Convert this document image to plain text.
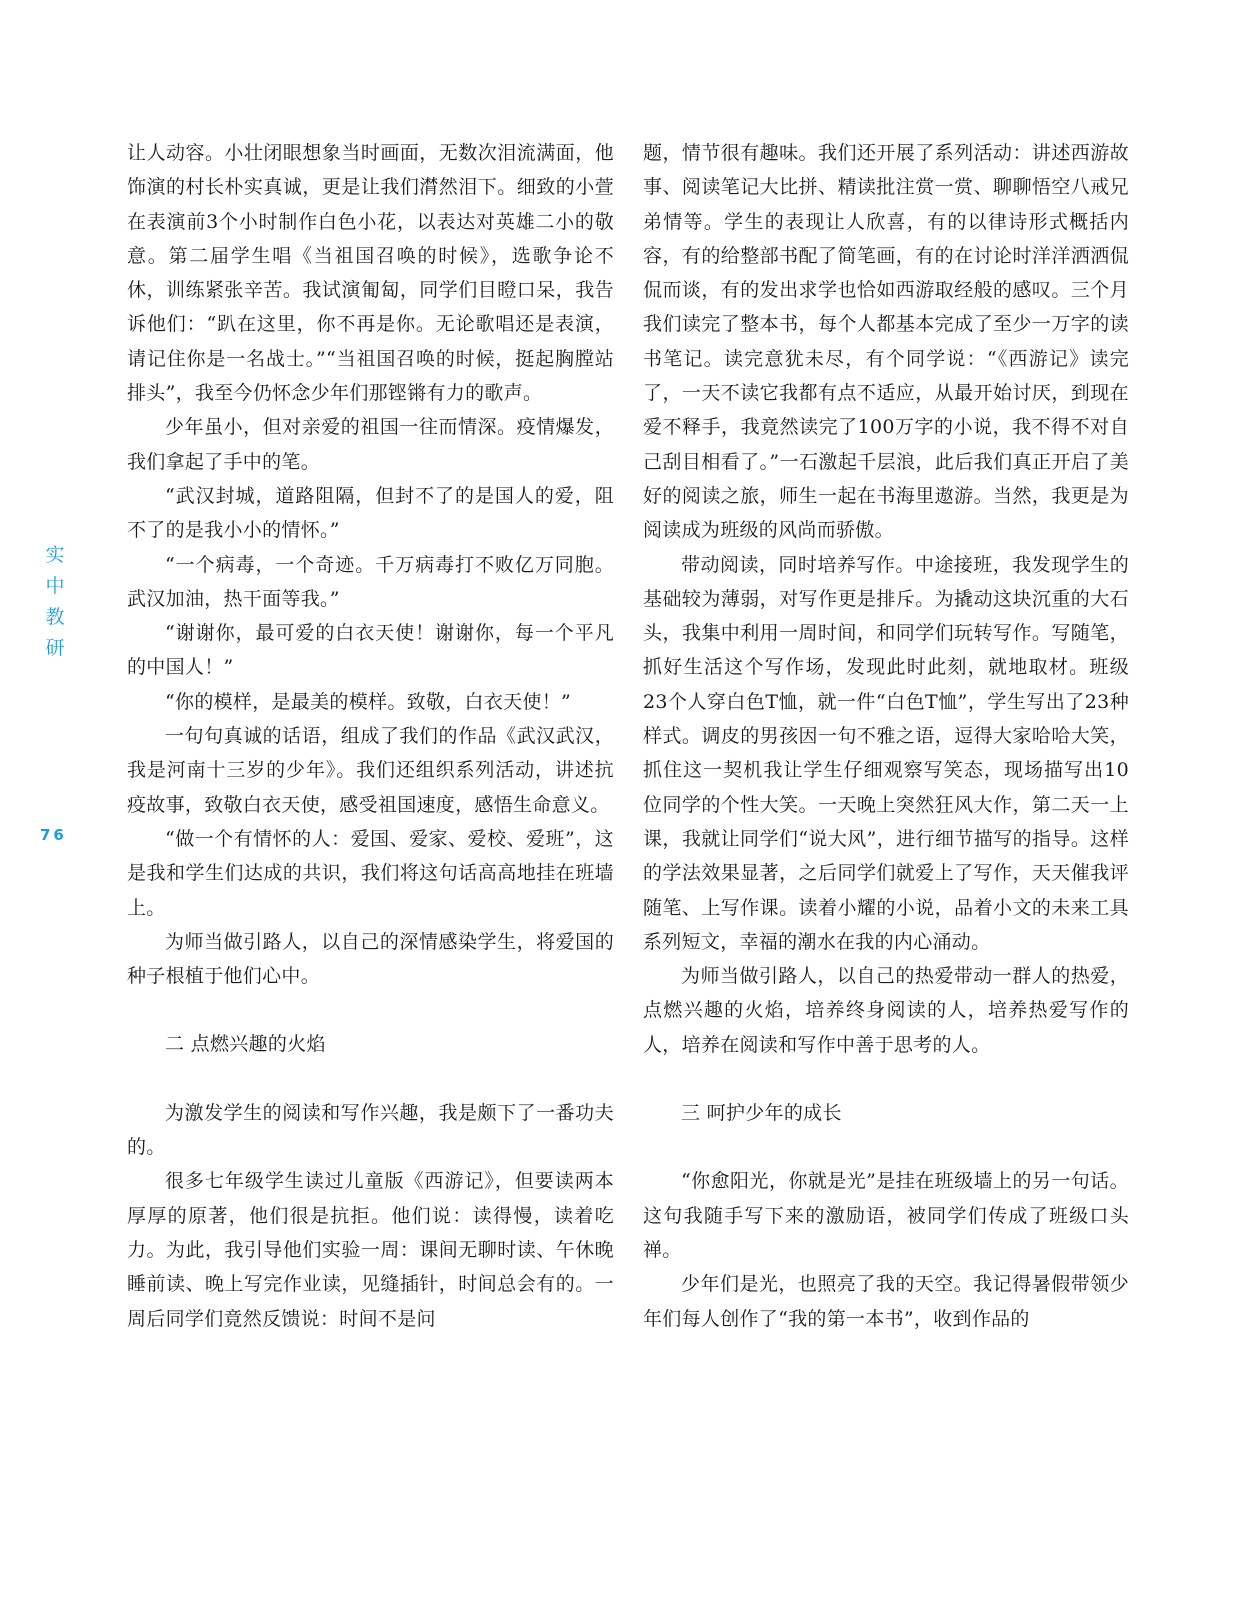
实
中
教
研
76

让人动容。小壮闭眼想象当时画面，无数次泪流满面，他饰演的村长朴实真诚，更是让我们潸然泪下。细致的小萱在表演前3个小时制作白色小花，以表达对英雄二小的敬意。第二届学生唱《当祖国召唤的时候》，选歌争论不休，训练紧张辛苦。我试演匍匐，同学们目瞪口呆，我告诉他们：“趴在这里，你不再是你。无论歌唱还是表演，请记住你是一名战士。”“当祖国召唤的时候，挺起胸膛站排头”，我至今仍怀念少年们那铿锵有力的歌声。

少年虽小，但对亲爱的祖国一往而情深。疫情爆发，我们拿起了手中的笔。

“武汉封城，道路阻隔，但封不了的是国人的爱，阻不了的是我小小的情怀。”

“一个病毒，一个奇迹。千万病毒打不败亿万同胞。武汉加油，热干面等我。”

“谢谢你，最可爱的白衣天使！谢谢你，每一个平凡的中国人！”

“你的模样，是最美的模样。致敬，白衣天使！”

一句句真诚的话语，组成了我们的作品《武汉武汉，我是河南十三岁的少年》。我们还组织系列活动，讲述抗疫故事，致敬白衣天使，感受祖国速度，感悟生命意义。

“做一个有情怀的人：爱国、爱家、爱校、爱班”，这是我和学生们达成的共识，我们将这句话高高地挂在班墙上。

为师当做引路人，以自己的深情感染学生，将爱国的种子根植于他们心中。

二 点燃兴趣的火焰

为激发学生的阅读和写作兴趣，我是颇下了一番功夫的。

很多七年级学生读过儿童版《西游记》，但要读两本厚厚的原著，他们很是抗拒。他们说：读得慢，读着吃力。为此，我引导他们实验一周：课间无聊时读、午休晚睡前读、晚上写完作业读，见缝插针，时间总会有的。一周后同学们竟然反馈说：时间不是问

题，情节很有趣味。我们还开展了系列活动：讲述西游故事、阅读笔记大比拼、精读批注赏一赏、聊聊悟空八戒兄弟情等。学生的表现让人欣喜，有的以律诗形式概括内容，有的给整部书配了简笔画，有的在讨论时洋洋洒洒侃侃而谈，有的发出求学也恰如西游取经般的感叹。三个月我们读完了整本书，每个人都基本完成了至少一万字的读书笔记。读完意犹未尽，有个同学说：“《西游记》读完了，一天不读它我都有点不适应，从最开始讨厌，到现在爱不释手，我竟然读完了100万字的小说，我不得不对自己刮目相看了。”一石激起千层浪，此后我们真正开启了美好的阅读之旅，师生一起在书海里遨游。当然，我更是为阅读成为班级的风尚而骄傲。

带动阅读，同时培养写作。中途接班，我发现学生的基础较为薄弱，对写作更是排斥。为撬动这块沉重的大石头，我集中利用一周时间，和同学们玩转写作。写随笔，抓好生活这个写作场，发现此时此刻，就地取材。班级23个人穿白色T恤，就一件“白色T恤”，学生写出了23种样式。调皮的男孩因一句不雅之语，逗得大家哈哈大笑，抓住这一契机我让学生仔细观察写笑态，现场描写出10位同学的个性大笑。一天晚上突然狂风大作，第二天一上课，我就让同学们“说大风”，进行细节描写的指导。这样的学法效果显著，之后同学们就爱上了写作，天天催我评随笔、上写作课。读着小耀的小说，品着小文的未来工具系列短文，幸福的潮水在我的内心涌动。

为师当做引路人，以自己的热爱带动一群人的热爱，点燃兴趣的火焰，培养终身阅读的人，培养热爱写作的人，培养在阅读和写作中善于思考的人。

三 呵护少年的成长

“你愈阳光，你就是光”是挂在班级墙上的另一句话。这句我随手写下来的激励语，被同学们传成了班级口头禅。

少年们是光，也照亮了我的天空。我记得暑假带领少年们每人创作了“我的第一本书”，收到作品的
